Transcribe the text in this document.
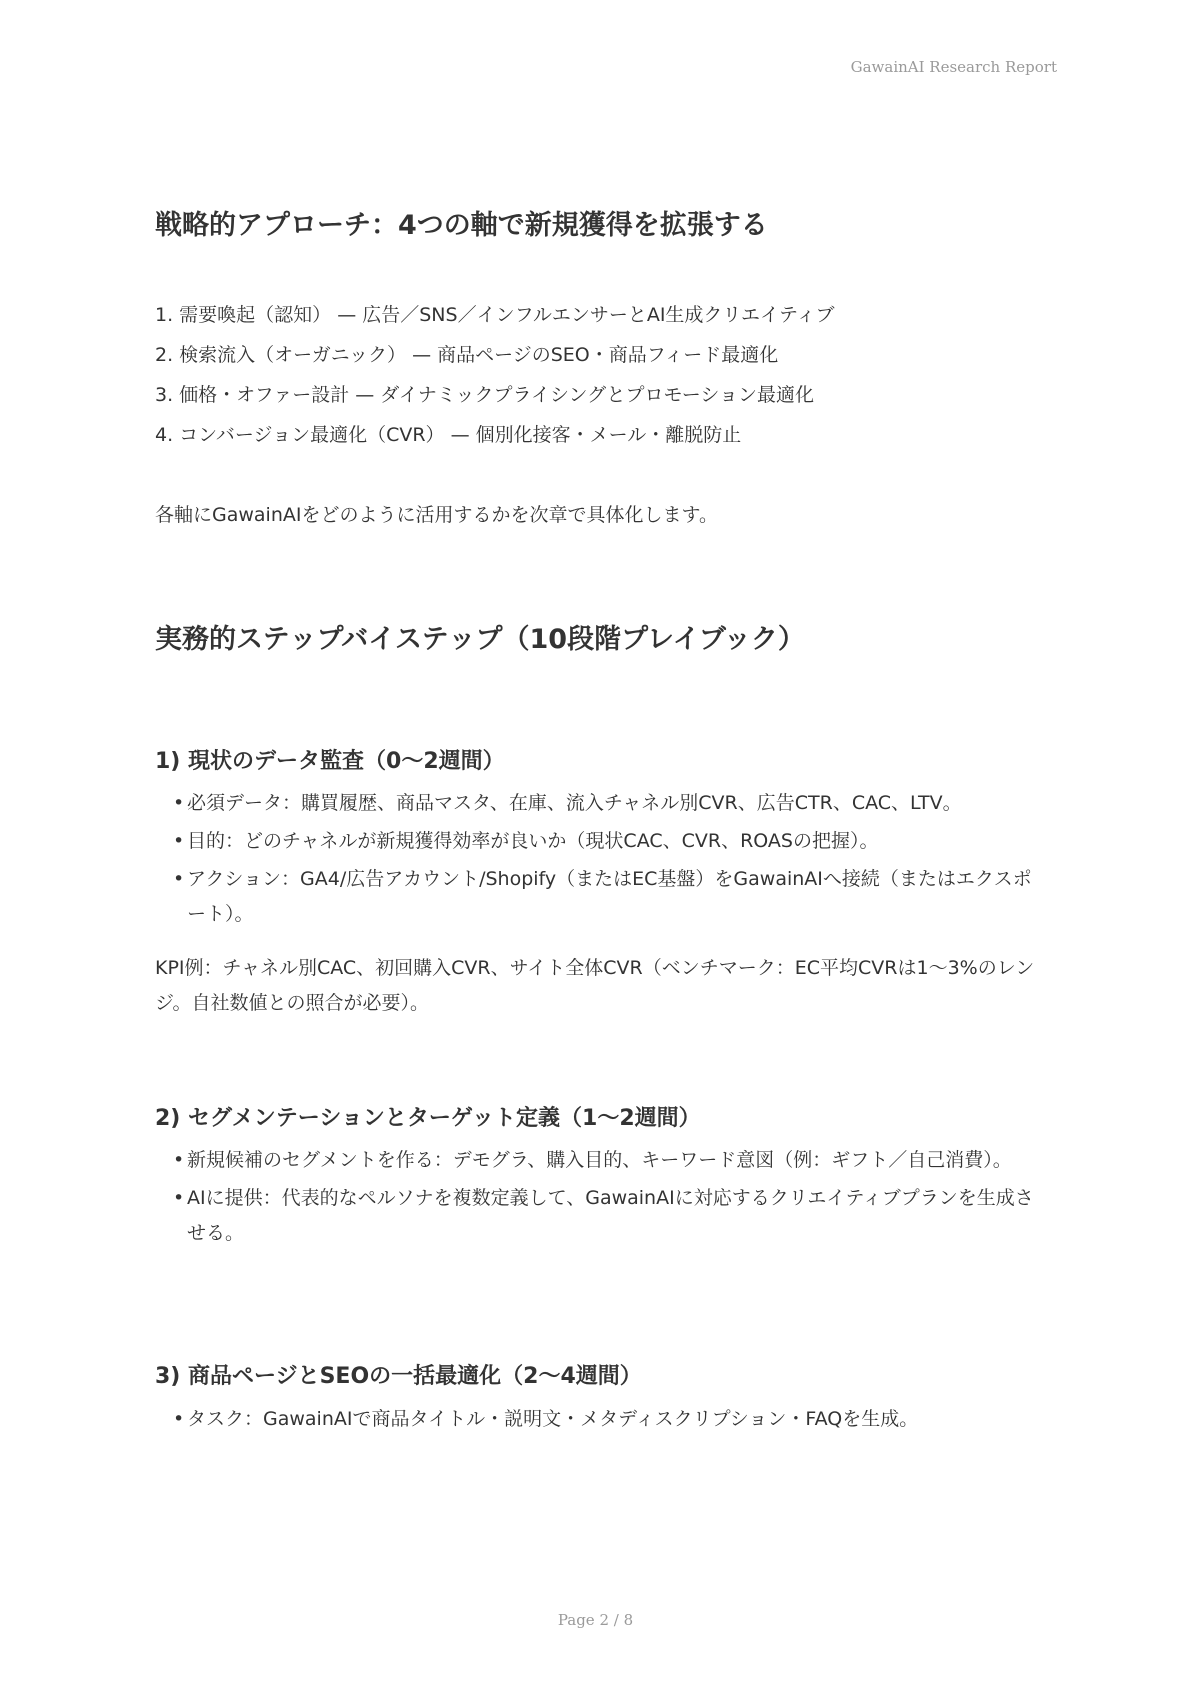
GawainAI Research Report
戦略的アプローチ：4つの軸で新規獲得を拡張する
1. 需要喚起（認知） — 広告／SNS／インフルエンサーとAI生成クリエイティブ
2. 検索流入（オーガニック） — 商品ページのSEO・商品フィード最適化
3. 価格・オファー設計 — ダイナミックプライシングとプロモーション最適化
4. コンバージョン最適化（CVR） — 個別化接客・メール・離脱防止
各軸にGawainAIをどのように活用するかを次章で具体化します。
実務的ステップバイステップ（10段階プレイブック）
1) 現状のデータ監査（0〜2週間）
• 必須データ：購買履歴、商品マスタ、在庫、流入チャネル別CVR、広告CTR、CAC、LTV。
• 目的：どのチャネルが新規獲得効率が良いか（現状CAC、CVR、ROASの把握）。
• アクション：GA4/広告アカウント/Shopify（またはEC基盤）をGawainAIへ接続（またはエクスポート）。
KPI例：チャネル別CAC、初回購入CVR、サイト全体CVR（ベンチマーク：EC平均CVRは1〜3%のレンジ。自社数値との照合が必要）。
2) セグメンテーションとターゲット定義（1〜2週間）
• 新規候補のセグメントを作る：デモグラ、購入目的、キーワード意図（例：ギフト／自己消費）。
• AIに提供：代表的なペルソナを複数定義して、GawainAIに対応するクリエイティブプランを生成させる。
3) 商品ページとSEOの一括最適化（2〜4週間）
• タスク：GawainAIで商品タイトル・説明文・メタディスクリプション・FAQを生成。
Page 2 / 8
